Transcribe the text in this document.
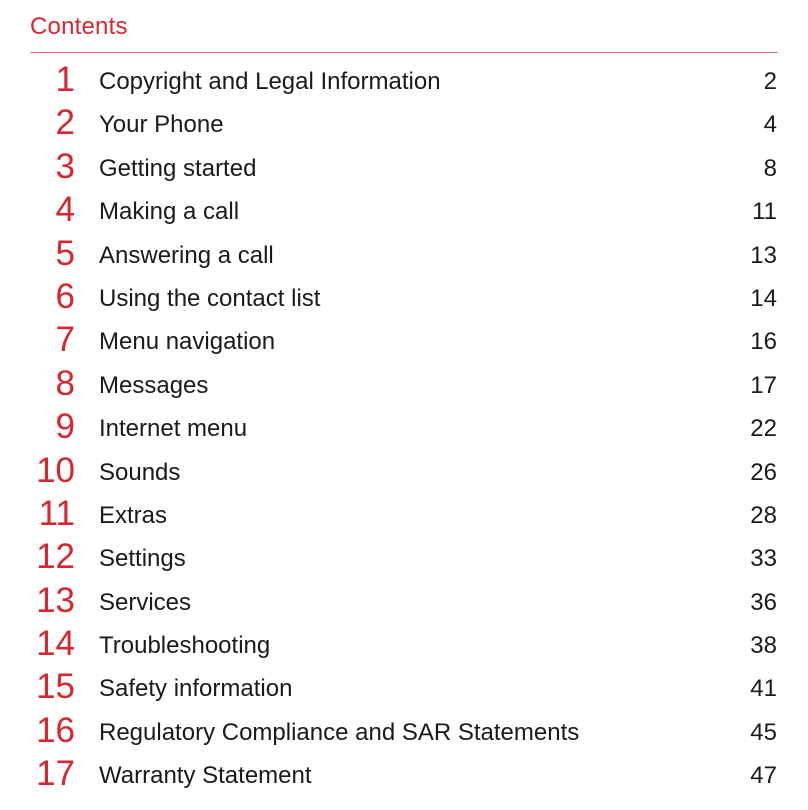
Contents
1 Copyright and Legal Information	2
2 Your Phone	4
3 Getting started	8
4 Making a call	11
5 Answering a call	13
6 Using the contact list	14
7 Menu navigation	16
8 Messages	17
9 Internet menu	22
10 Sounds	26
11 Extras	28
12 Settings	33
13 Services	36
14 Troubleshooting	38
15 Safety information	41
16 Regulatory Compliance and SAR Statements	45
17 Warranty Statement	47
